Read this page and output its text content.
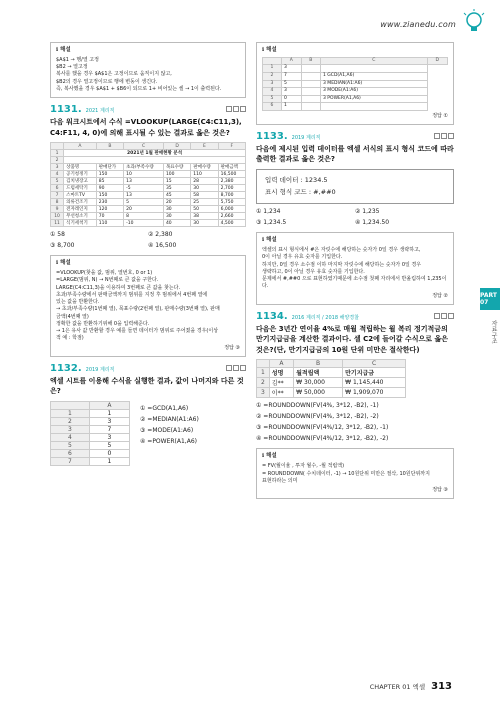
www.zianedu.com
ℹ 해설
$A$1 → 행/열 고정
$B2 → 열고정
복사를 했을 경우 $A$1은 고정이므로 움직이지 않고,
$B2의 경우 열고정이므로 행에 변동이 생긴다.
즉, 복사했을 경우 $A$1 + $B6이 되므로 1+ 비어있는 셀 → 1이 출력된다.
1131. 2021 계리직
다음 워크시트에서 수식 =VLOOKUP(LARGE(C4:C11,3), C4:F11, 4, 0)에 의해 표시될 수 있는 결과로 옳은 것은?
	A	B	C	D	E	F
1	2021년 1월 판매현황 분석					
2						
3	상품명	판매단가	초과/부족수량	목표수량	판매수량	판매금액
4	공기청정기	150	10	100	110	16,500
5	김치냉장고	85	13	15	28	2,380
6	드럼세탁기	90	-5	35	30	2,700
7	스마트TV	150	13	45	58	8,700
8	의류건조기	230	5	20	25	5,750
9	전자레인지	120	20	30	50	6,000
10	무선청소기	70	8	30	38	2,660
11	식기세척기	110	-10	40	30	4,500
① 58	② 2,380
③ 8,700	④ 16,500
ℹ 해설
=VLOOKUP(찾을 값, 범위, 열번호, 0 or 1)
=LARGE(범위, N) → N번째로 큰 값을 구한다.
LARGE(C4:C11,3)을 이용하여 3번째로 큰 값을 찾는다.
초과/부족수량에서 판매금액까지 범위를 지정 후 범위에서 4번째 열에
있는 값을 반환한다.
→ 초과/부족수량(1번째 열), 목표수량(2번째 열), 판매수량(3번째 열), 판매
금액(4번째 열)
정확한 값을 반환하기위해 0을 입력해준다.
→ 1은 유사 값 반환할 경우 예를 들면 데이터가 범위로 주어졌을 경우(이상
적 예 : 학점)
정답 ③
1132. 2019 계리직
엑셀 시트를 이용해 수식을 실행한 결과, 값이 나머지와 다른 것은?
	A
1	1
2	3
3	7
4	3
5	5
6	0
7	1
① =GCD(A1,A6)
② =MEDIAN(A1:A6)
③ =MODE(A1:A6)
④ =POWER(A1,A6)
ℹ 해설
	A	B	C	D
1	3			
2	7		1 GCD(A1,A6)	
3	5		3 MEDIAN(A1:A6)	
4	3		3 MODE(A1:A6)	
5	0		3 POWER(A1,A6)	
6	1			
정답 ①
1133. 2019 계리직
다음에 제시된 입력 데이터를 엑셀 서식의 표시 형식 코드에 따라 출력한 결과로 옳은 것은?
입력 데이터 : 1234.5
표시 형식 코드 : #,##0
① 1,234	② 1,235
③ 1,234.5	④ 1,234.50
ℹ 해설
엑셀의 표시 형식에서 #은 자릿수에 해당하는 숫자가 0일 경우 생략하고,
0이 아닐 경우 유효 숫자를 기입한다.
하지만, 0일 경우 소수점 이하 마지막 자릿수에 해당하는 숫자가 0일 경우
생략하고, 0이 아닐 경우 유효 숫자를 기입한다.
문제에서 #,##0 으로 표현하였기때문에 소수점 첫째 자리에서 반올림하여 1,235이다.
정답 ②
1134. 2016 계리직 / 2018 해양경찰
다음은 3년간 연이율 4%로 매월 적립하는 월 복리 정기적금의 만기지급금을 계산한 결과이다. 셀 C2에 들어갈 수식으로 옳은 것은?(단, 만기지급금의 10원 단위 미만은 절삭한다)
	A	B	C
1	성명	월적립액	만기지급금
2	김**	₩ 30,000	₩ 1,145,440
3	이**	₩ 50,000	₩ 1,909,070
① =ROUNDDOWN(FV(4%, 3*12, -B2), -1)
② =ROUNDDOWN(FV(4%, 3*12, -B2), -2)
③ =ROUNDDOWN(FV(4%/12, 3*12, -B2), -1)
④ =ROUNDDOWN(FV(4%/12, 3*12, -B2), -2)
ℹ 해설
= FV(월이율 , 투자 월수, -월 적립액)
= ROUNDDOWN( 수치데이터, -1) → 10원단위 미만은 절삭, 10원단위까지
표현하라는 의미
정답 ③
PART 07
자료구조
CHAPTER 01 엑셀 313
